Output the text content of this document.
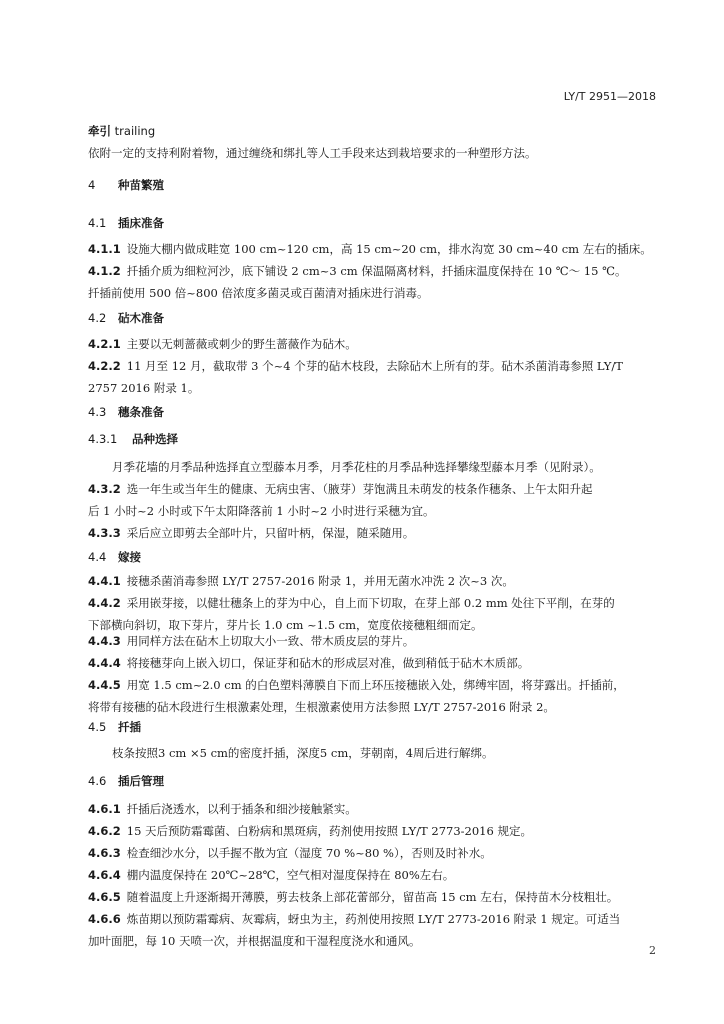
LY/T 2951—2018
牵引 trailing
依附一定的支持利附着物，通过缠绕和绑扎等人工手段来达到栽培要求的一种塑形方法。
4 种苗繁殖
4.1 插床准备
4.1.1 设施大棚内做成畦宽 100 cm~120 cm，高 15 cm~20 cm，排水沟宽 30 cm~40 cm 左右的插床。
4.1.2 扦插介质为细粒河沙，底下铺设 2 cm~3 cm 保温隔离材料，扦插床温度保持在 10 ℃～ 15 ℃。
扦插前使用 500 倍~800 倍浓度多菌灵或百菌清对插床进行消毒。
4.2 砧木准备
4.2.1 主要以无刺蔷薇或刺少的野生蔷薇作为砧木。
4.2.2 11 月至 12 月，截取带 3 个~4 个芽的砧木枝段，去除砧木上所有的芽。砧木杀菌消毒参照 LY/T
2757 2016 附录 1。
4.3 穗条准备
4.3.1 品种选择
月季花墙的月季品种选择直立型藤本月季，月季花柱的月季品种选择攀缘型藤本月季（见附录）。
4.3.2 选一年生或当年生的健康、无病虫害、（腋芽）芽饱满且未萌发的枝条作穗条、上午太阳升起
后 1 小时~2 小时或下午太阳降落前 1 小时~2 小时进行采穗为宜。
4.3.3 采后应立即剪去全部叶片，只留叶柄，保湿，随采随用。
4.4 嫁接
4.4.1 接穗杀菌消毒参照 LY/T 2757-2016 附录 1，并用无菌水冲洗 2 次~3 次。
4.4.2 采用嵌芽接，以健壮穗条上的芽为中心，自上而下切取，在芽上部 0.2 mm 处往下平削，在芽的
下部横向斜切，取下芽片，芽片长 1.0 cm ~1.5 cm，宽度依接穗粗细而定。
4.4.3 用同样方法在砧木上切取大小一致、带木质皮层的芽片。
4.4.4 将接穗芽向上嵌入切口，保证芽和砧木的形成层对准，做到稍低于砧木木质部。
4.4.5 用宽 1.5 cm~2.0 cm 的白色塑料薄膜自下而上环压接穗嵌入处，绑缚牢固，将芽露出。扦插前，
将带有接穗的砧木段进行生根激素处理，生根激素使用方法参照 LY/T 2757-2016 附录 2。
4.5 扦插
枝条按照3 cm ×5 cm的密度扦插，深度5 cm，芽朝南，4周后进行解绑。
4.6 插后管理
4.6.1 扦插后浇透水，以利于插条和细沙接触紧实。
4.6.2 15 天后预防霜霉菌、白粉病和黑斑病，药剂使用按照 LY/T 2773-2016 规定。
4.6.3 检查细沙水分，以手握不散为宜（湿度 70 %~80 %），否则及时补水。
4.6.4 棚内温度保持在 20℃~28℃，空气相对湿度保持在 80%左右。
4.6.5 随着温度上升逐渐揭开薄膜，剪去枝条上部花蕾部分，留苗高 15 cm 左右，保持苗木分枝粗壮。
4.6.6 炼苗期以预防霜霉病、灰霉病，蚜虫为主，药剂使用按照 LY/T 2773-2016 附录 1 规定。可适当
加叶面肥，每 10 天喷一次，并根据温度和干湿程度浇水和通风。
2
